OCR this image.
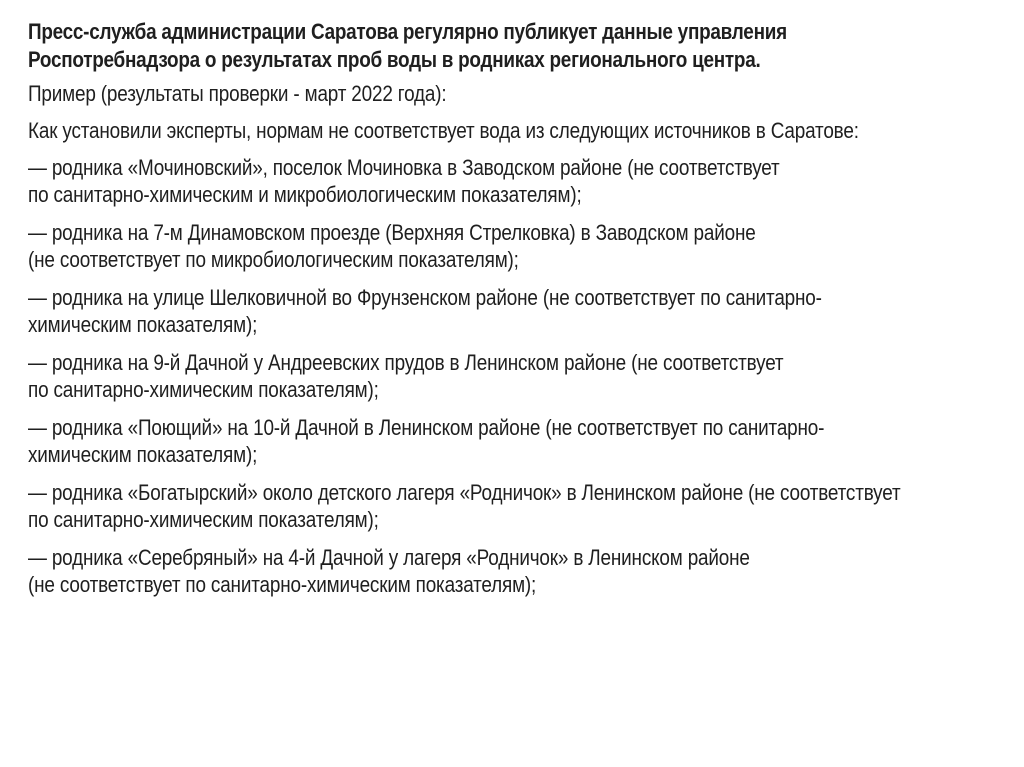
Пресс-служба администрации Саратова регулярно публикует данные управления
Роспотребнадзора о результатах проб воды в родниках регионального центра.

Пример (результаты проверки - март 2022 года):

Как установили эксперты, нормам не соответствует вода из следующих источников в Саратове:

— родника «Мочиновский», поселок Мочиновка в Заводском районе (не соответствует
по санитарно-химическим и микробиологическим показателям);
— родника на 7-м Динамовском проезде (Верхняя Стрелковка) в Заводском районе
(не соответствует по микробиологическим показателям);
— родника на улице Шелковичной во Фрунзенском районе (не соответствует по санитарно-
химическим показателям);
— родника на 9-й Дачной у Андреевских прудов в Ленинском районе (не соответствует
по санитарно-химическим показателям);
— родника «Поющий» на 10-й Дачной в Ленинском районе (не соответствует по санитарно-
химическим показателям);
— родника «Богатырский» около детского лагеря «Родничок» в Ленинском районе (не соответствует
по санитарно-химическим показателям);
— родника «Серебряный» на 4-й Дачной у лагеря «Родничок» в Ленинском районе
(не соответствует по санитарно-химическим показателям);
